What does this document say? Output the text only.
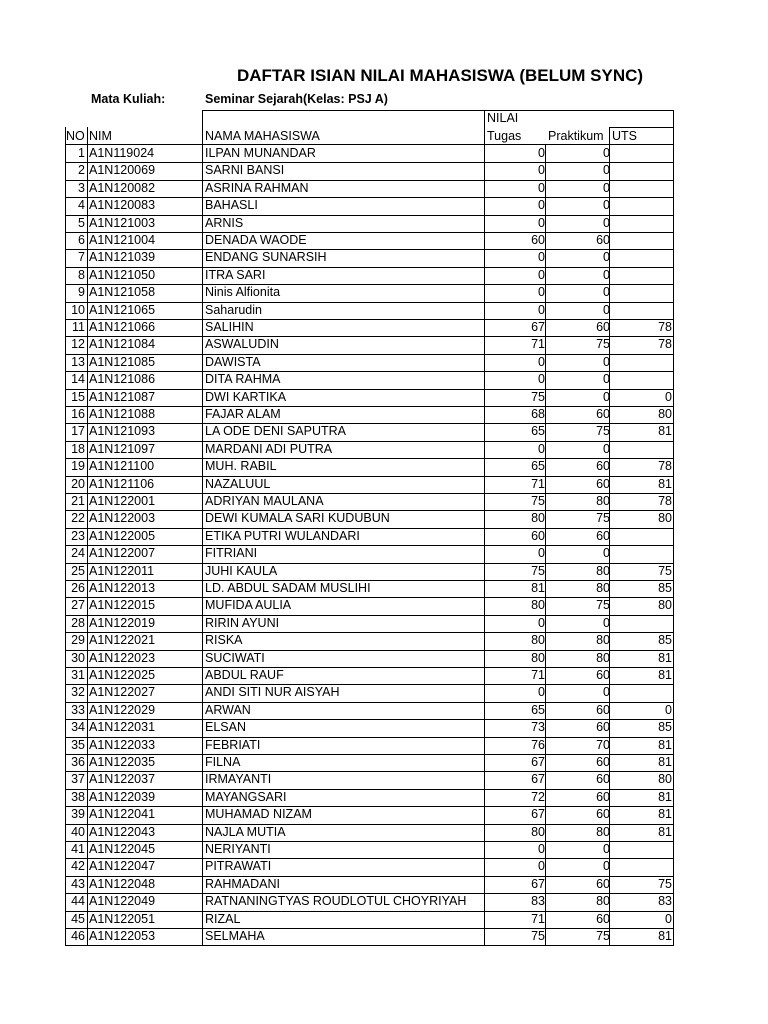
DAFTAR ISIAN NILAI MAHASISWA (BELUM SYNC)
Mata Kuliah:	Seminar Sejarah(Kelas: PSJ A)
NILAI
NO NIM	NAMA MAHASISWA	Tugas Praktikum UTS
1 A1N119024	ILPAN MUNANDAR	0	0
2 A1N120069	SARNI BANSI	0	0
3 A1N120082	ASRINA RAHMAN	0	0
4 A1N120083	BAHASLI	0	0
5 A1N121003	ARNIS	0	0
6 A1N121004	DENADA WAODE	60	60
7 A1N121039	ENDANG SUNARSIH	0	0
8 A1N121050	ITRA SARI	0	0
9 A1N121058	Ninis Alfionita	0	0
10 A1N121065	Saharudin	0	0
11 A1N121066	SALIHIN	67	60	78
12 A1N121084	ASWALUDIN	71	75	78
13 A1N121085	DAWISTA	0	0
14 A1N121086	DITA RAHMA	0	0
15 A1N121087	DWI KARTIKA	75	0	0
16 A1N121088	FAJAR ALAM	68	60	80
17 A1N121093	LA ODE DENI SAPUTRA	65	75	81
18 A1N121097	MARDANI ADI PUTRA	0	0
19 A1N121100	MUH. RABIL	65	60	78
20 A1N121106	NAZALUUL	71	60	81
21 A1N122001	ADRIYAN MAULANA	75	80	78
22 A1N122003	DEWI KUMALA SARI KUDUBUN	80	75	80
23 A1N122005	ETIKA PUTRI WULANDARI	60	60
24 A1N122007	FITRIANI	0	0
25 A1N122011	JUHI KAULA	75	80	75
26 A1N122013	LD. ABDUL SADAM MUSLIHI	81	80	85
27 A1N122015	MUFIDA AULIA	80	75	80
28 A1N122019	RIRIN AYUNI	0	0
29 A1N122021	RISKA	80	80	85
30 A1N122023	SUCIWATI	80	80	81
31 A1N122025	ABDUL RAUF	71	60	81
32 A1N122027	ANDI SITI NUR AISYAH	0	0
33 A1N122029	ARWAN	65	60	0
34 A1N122031	ELSAN	73	60	85
35 A1N122033	FEBRIATI	76	70	81
36 A1N122035	FILNA	67	60	81
37 A1N122037	IRMAYANTI	67	60	80
38 A1N122039	MAYANGSARI	72	60	81
39 A1N122041	MUHAMAD NIZAM	67	60	81
40 A1N122043	NAJLA MUTIA	80	80	81
41 A1N122045	NERIYANTI	0	0
42 A1N122047	PITRAWATI	0	0
43 A1N122048	RAHMADANI	67	60	75
44 A1N122049	RATNANINGTYAS ROUDLOTUL CHOYRIYAH	83	80	83
45 A1N122051	RIZAL	71	60	0
46 A1N122053	SELMAHA	75	75	81
